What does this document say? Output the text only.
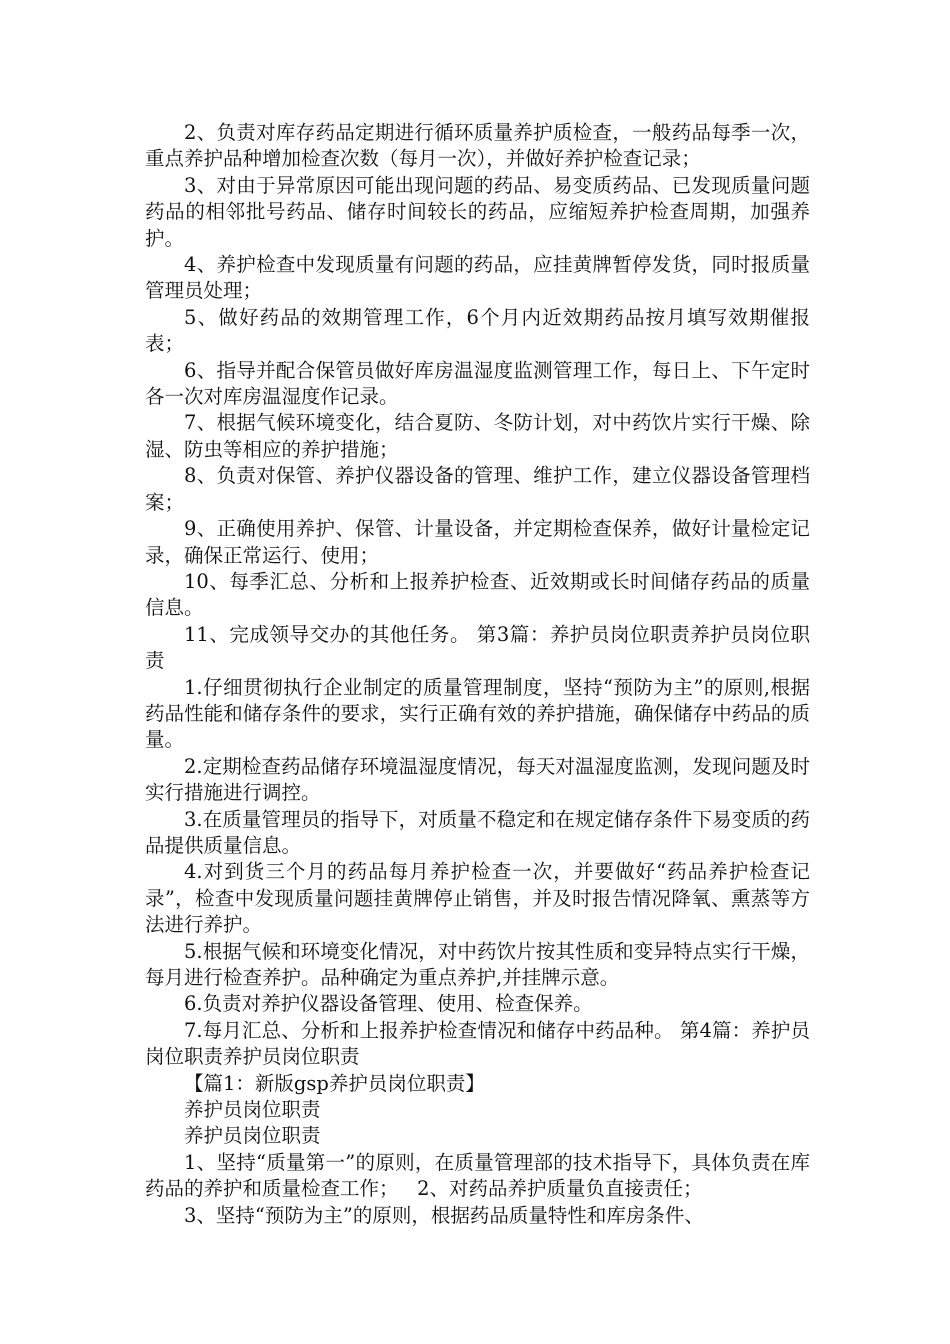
2、负责对库存药品定期进行循环质量养护质检查，一般药品每季一次，重点养护品种增加检查次数（每月一次），并做好养护检查记录；

3、对由于异常原因可能出现问题的药品、易变质药品、已发现质量问题药品的相邻批号药品、储存时间较长的药品，应缩短养护检查周期，加强养护。

4、养护检查中发现质量有问题的药品，应挂黄牌暂停发货，同时报质量管理员处理；

5、做好药品的效期管理工作，6个月内近效期药品按月填写效期催报表；

6、指导并配合保管员做好库房温湿度监测管理工作，每日上、下午定时各一次对库房温湿度作记录。

7、根据气候环境变化，结合夏防、冬防计划，对中药饮片实行干燥、除湿、防虫等相应的养护措施；

8、负责对保管、养护仪器设备的管理、维护工作，建立仪器设备管理档案；

9、正确使用养护、保管、计量设备，并定期检查保养，做好计量检定记录，确保正常运行、使用；

10、每季汇总、分析和上报养护检查、近效期或长时间储存药品的质量信息。

11、完成领导交办的其他任务。 第3篇：养护员岗位职责养护员岗位职责

1.仔细贯彻执行企业制定的质量管理制度，坚持“预防为主”的原则,根据药品性能和储存条件的要求，实行正确有效的养护措施，确保储存中药品的质量。

2.定期检查药品储存环境温湿度情况，每天对温湿度监测，发现问题及时实行措施进行调控。

3.在质量管理员的指导下，对质量不稳定和在规定储存条件下易变质的药品提供质量信息。

4.对到货三个月的药品每月养护检查一次，并要做好“药品养护检查记录”，检查中发现质量问题挂黄牌停止销售，并及时报告情况降氧、熏蒸等方法进行养护。

5.根据气候和环境变化情况，对中药饮片按其性质和变异特点实行干燥，每月进行检查养护。品种确定为重点养护,并挂牌示意。

6.负责对养护仪器设备管理、使用、检查保养。

7.每月汇总、分析和上报养护检查情况和储存中药品种。 第4篇：养护员岗位职责养护员岗位职责

【篇1：新版gsp养护员岗位职责】

养护员岗位职责

养护员岗位职责

1、坚持“质量第一”的原则，在质量管理部的技术指导下，具体负责在库药品的养护和质量检查工作；   2、对药品养护质量负直接责任；

3、坚持“预防为主”的原则，根据药品质量特性和库房条件、
